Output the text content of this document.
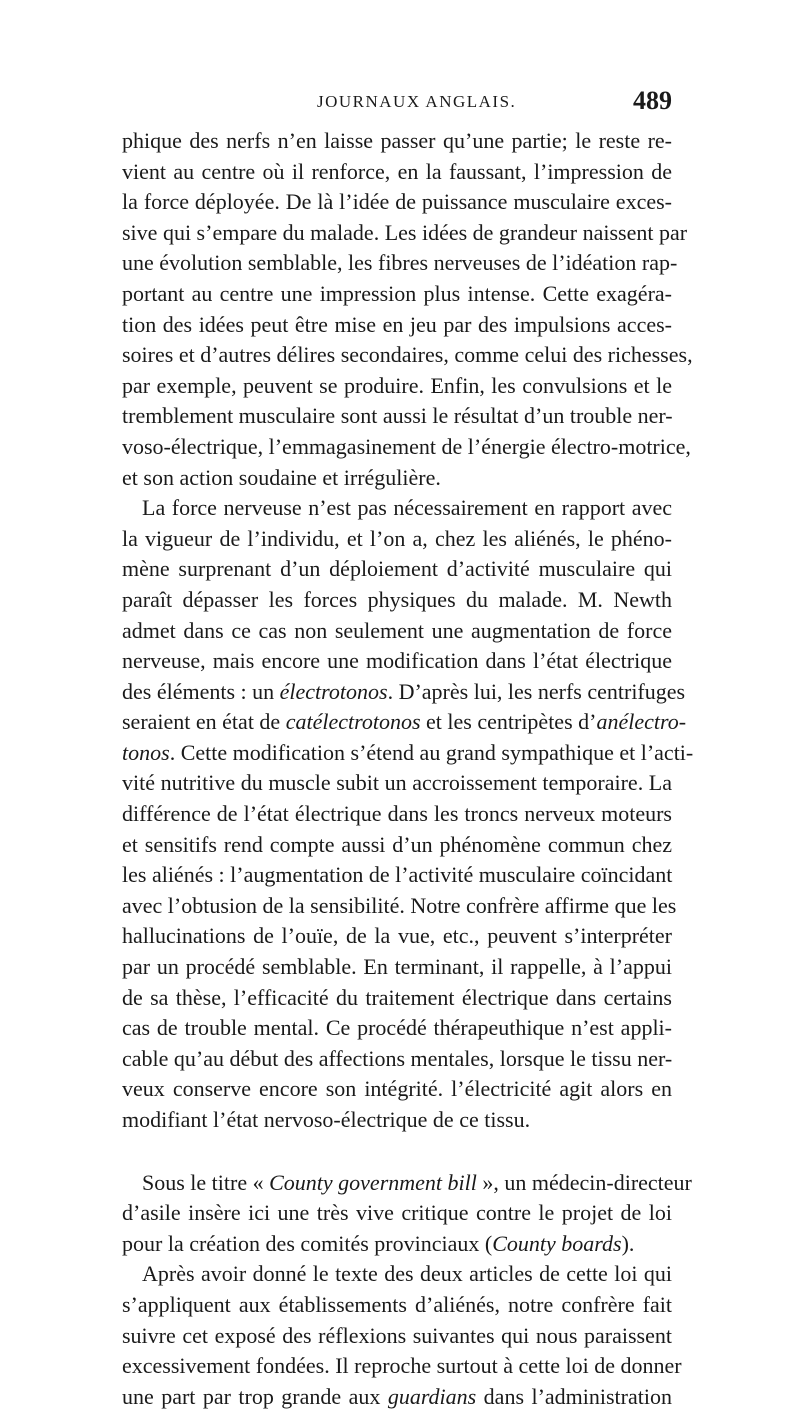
JOURNAUX ANGLAIS.	489
phique des nerfs n’en laisse passer qu’une partie; le reste re-
vient au centre où il renforce, en la faussant, l’impression de
la force déployée. De là l’idée de puissance musculaire exces-
sive qui s’empare du malade. Les idées de grandeur naissent par
une évolution semblable, les fibres nerveuses de l’idéation rap-
portant au centre une impression plus intense. Cette exagéra-
tion des idées peut être mise en jeu par des impulsions acces-
soires et d’autres délires secondaires, comme celui des richesses,
par exemple, peuvent se produire. Enfin, les convulsions et le
tremblement musculaire sont aussi le résultat d’un trouble ner-
voso-électrique, l’emmagasinement de l’énergie électro-motrice,
et son action soudaine et irrégulière.
La force nerveuse n’est pas nécessairement en rapport avec
la vigueur de l’individu, et l’on a, chez les aliénés, le phéno-
mène surprenant d’un déploiement d’activité musculaire qui
paraît dépasser les forces physiques du malade. M. Newth
admet dans ce cas non seulement une augmentation de force
nerveuse, mais encore une modification dans l’état électrique
des éléments : un électrotonos. D’après lui, les nerfs centrifuges
seraient en état de catélectrotonos et les centripètes d’anélectro-
tonos. Cette modification s’étend au grand sympathique et l’acti-
vité nutritive du muscle subit un accroissement temporaire. La
différence de l’état électrique dans les troncs nerveux moteurs
et sensitifs rend compte aussi d’un phénomène commun chez
les aliénés : l’augmentation de l’activité musculaire coïncidant
avec l’obtusion de la sensibilité. Notre confrère affirme que les
hallucinations de l’ouïe, de la vue, etc., peuvent s’interpréter
par un procédé semblable. En terminant, il rappelle, à l’appui
de sa thèse, l’efficacité du traitement électrique dans certains
cas de trouble mental. Ce procédé thérapeuthique n’est appli-
cable qu’au début des affections mentales, lorsque le tissu ner-
veux conserve encore son intégrité. l’électricité agit alors en
modifiant l’état nervoso-électrique de ce tissu.
Sous le titre « County government bill », un médecin-directeur
d’asile insère ici une très vive critique contre le projet de loi
pour la création des comités provinciaux (County boards).
Après avoir donné le texte des deux articles de cette loi qui
s’appliquent aux établissements d’aliénés, notre confrère fait
suivre cet exposé des réflexions suivantes qui nous paraissent
excessivement fondées. Il reproche surtout à cette loi de donner
une part par trop grande aux guardians dans l’administration
